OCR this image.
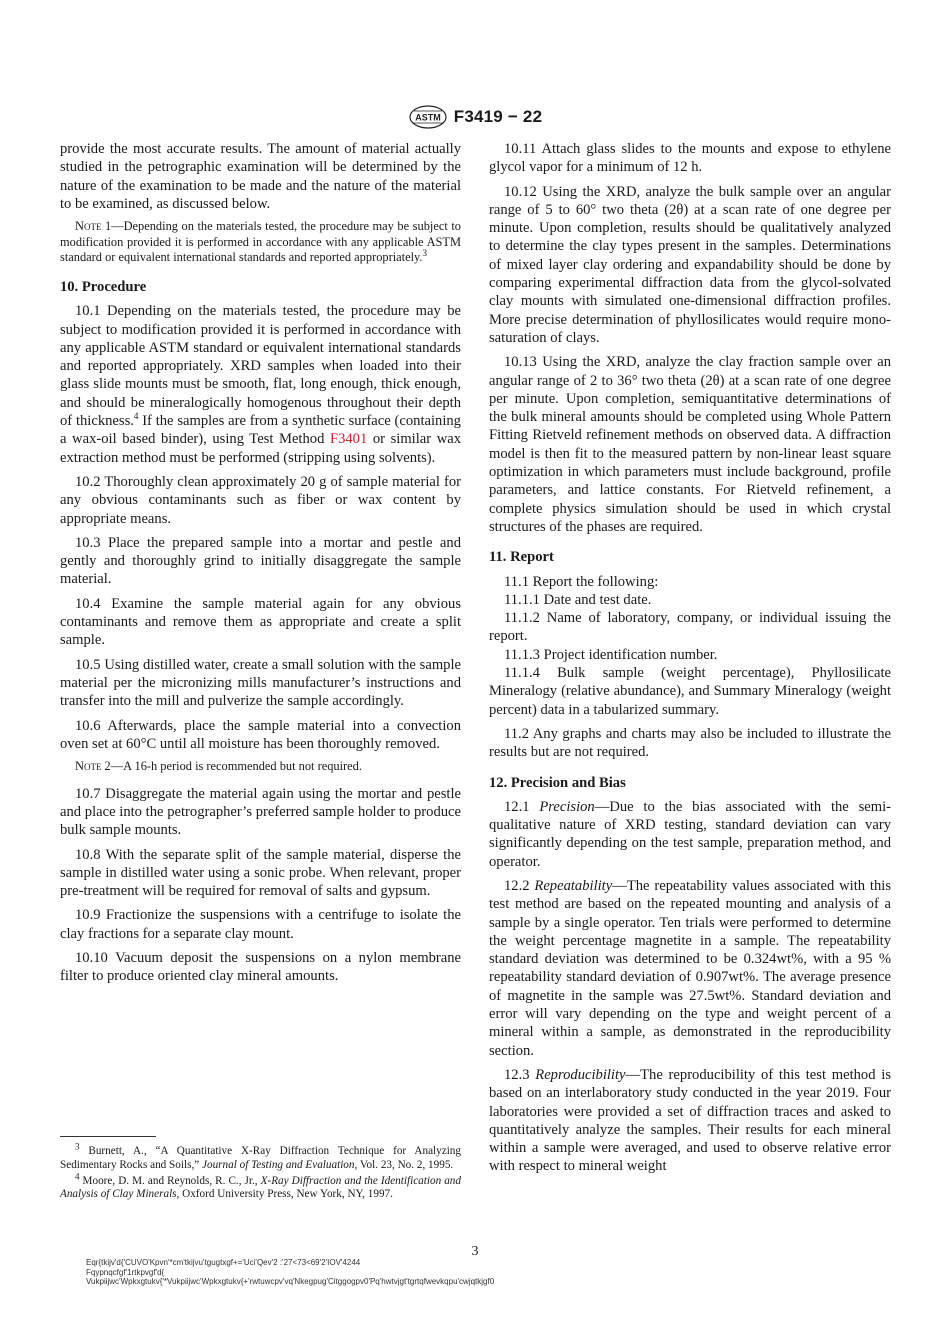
ASTM F3419 − 22

provide the most accurate results. The amount of material actually studied in the petrographic examination will be determined by the nature of the examination to be made and the nature of the material to be examined, as discussed below.

Note 1—Depending on the materials tested, the procedure may be subject to modification provided it is performed in accordance with any applicable ASTM standard or equivalent international standards and reported appropriately.$^3$
10. Procedure

10.1 Depending on the materials tested, the procedure may be subject to modification provided it is performed in accordance with any applicable ASTM standard or equivalent international standards and reported appropriately. XRD samples when loaded into their glass slide mounts must be smooth, flat, long enough, thick enough, and should be mineralogically homogenous throughout their depth of thickness.$^4$ If the samples are from a synthetic surface (containing a wax-oil based binder), using Test Method F3401 or similar wax extraction method must be performed (stripping using solvents).

10.2 Thoroughly clean approximately 20 g of sample material for any obvious contaminants such as fiber or wax content by appropriate means.

10.3 Place the prepared sample into a mortar and pestle and gently and thoroughly grind to initially disaggregate the sample material.

10.4 Examine the sample material again for any obvious contaminants and remove them as appropriate and create a split sample.

10.5 Using distilled water, create a small solution with the sample material per the micronizing mills manufacturer’s instructions and transfer into the mill and pulverize the sample accordingly.

10.6 Afterwards, place the sample material into a convection oven set at 60°C until all moisture has been thoroughly removed.

Note 2—A 16-h period is recommended but not required.

10.7 Disaggregate the material again using the mortar and pestle and place into the petrographer’s preferred sample holder to produce bulk sample mounts.

10.8 With the separate split of the sample material, disperse the sample in distilled water using a sonic probe. When relevant, proper pre-treatment will be required for removal of salts and gypsum.

10.9 Fractionize the suspensions with a centrifuge to isolate the clay fractions for a separate clay mount.

10.10 Vacuum deposit the suspensions on a nylon membrane filter to produce oriented clay mineral amounts.

10.11 Attach glass slides to the mounts and expose to ethylene glycol vapor for a minimum of 12 h.

10.12 Using the XRD, analyze the bulk sample over an angular range of 5 to 60° two theta (2θ) at a scan rate of one degree per minute. Upon completion, results should be qualitatively analyzed to determine the clay types present in the samples. Determinations of mixed layer clay ordering and expandability should be done by comparing experimental diffraction data from the glycol-solvated clay mounts with simulated one-dimensional diffraction profiles. More precise determination of phyllosilicates would require mono-saturation of clays.

10.13 Using the XRD, analyze the clay fraction sample over an angular range of 2 to 36° two theta (2θ) at a scan rate of one degree per minute. Upon completion, semiquantitative determinations of the bulk mineral amounts should be completed using Whole Pattern Fitting Rietveld refinement methods on observed data. A diffraction model is then fit to the measured pattern by non-linear least square optimization in which parameters must include background, profile parameters, and lattice constants. For Rietveld refinement, a complete physics simulation should be used in which crystal structures of the phases are required.

11. Report

11.1 Report the following:

11.1.1 Date and test date.

11.1.2 Name of laboratory, company, or individual issuing the report.

11.1.3 Project identification number.

11.1.4 Bulk sample (weight percentage), Phyllosilicate Mineralogy (relative abundance), and Summary Mineralogy (weight percent) data in a tabularized summary.

11.2 Any graphs and charts may also be included to illustrate the results but are not required.

12. Precision and Bias

12.1 Precision—Due to the bias associated with the semi-qualitative nature of XRD testing, standard deviation can vary significantly depending on the test sample, preparation method, and operator.

12.2 Repeatability—The repeatability values associated with this test method are based on the repeated mounting and analysis of a sample by a single operator. Ten trials were performed to determine the weight percentage magnetite in a sample. The repeatability standard deviation was determined to be 0.324wt%, with a 95 % repeatability standard deviation of 0.907wt%. The average presence of magnetite in the sample was 27.5wt%. Standard deviation and error will vary depending on the type and weight percent of a mineral within a sample, as demonstrated in the reproducibility section.

12.3 Reproducibility—The reproducibility of this test method is based on an interlaboratory study conducted in the year 2019. Four laboratories were provided a set of diffraction traces and asked to quantitatively analyze the samples. Their results for each mineral within a sample were averaged, and used to observe relative error with respect to mineral weight

$^3$ Burnett, A., “A Quantitative X-Ray Diffraction Technique for Analyzing Sedimentary Rocks and Soils,” Journal of Testing and Evaluation, Vol. 23, No. 2, 1995.

$^4$ Moore, D. M. and Reynolds, R. C., Jr., X-Ray Diffraction and the Identification and Analysis of Clay Minerals, Oxford University Press, New York, NY, 1997.

3
Eqr{tkijv'd{'CUVO'Kpvn'*cm'tkijvu'tgugtxgf+='Uci'Qev'2 :'27<73<69'2'IOV'4244
Fqypnqcfgf'1rtkpvgf'd{
Vukpiijwc'Wpkxgtukv{'*Vukpiijwc'Wpkxgtukv{+'rwtuwcpv'vq'Nkegpug'Citggogpv0'Pq'hwtvjgt'tgrtqfwevkqpu'cwjqtkjgf0
